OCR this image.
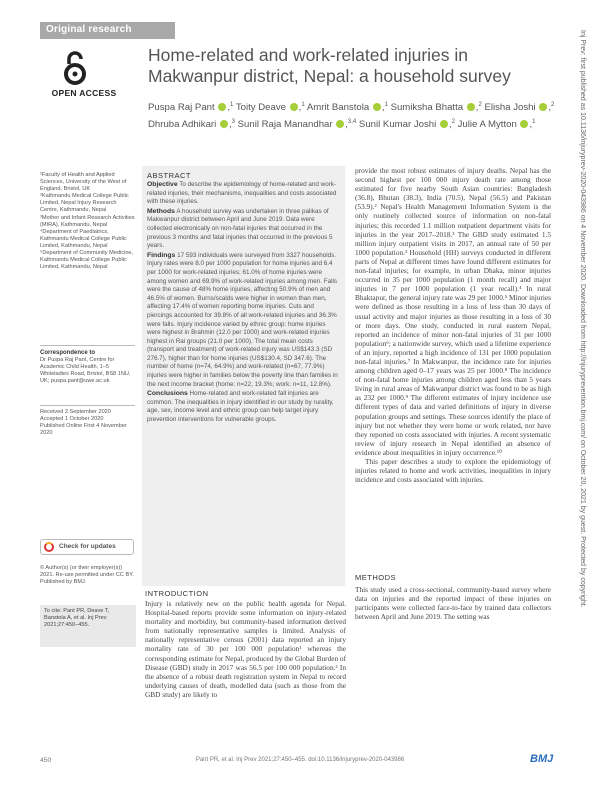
Original research
OPEN ACCESS
Home-related and work-related injuries in Makwanpur district, Nepal: a household survey
Puspa Raj Pant ,$^1$ Toity Deave ,$^1$ Amrit Banstola ,$^1$ Sumiksha Bhatta ,$^2$ Elisha Joshi ,$^2$ Dhruba Adhikari ,$^3$ Sunil Raja Manandhar ,$^{3,4}$ Sunil Kumar Joshi ,$^2$ Julie A Mytton ,$^1$

¹Faculty of Health and Applied Sciences, University of the West of England, Bristol, UK

²Kathmandu Medical College Public Limited, Nepal Injury Research Centre, Kathmandu, Nepal

³Mother and Infant Research Activities (MIRA), Kathmandu, Nepal

⁴Department of Paediatrics, Kathmandu Medical College Public Limited, Kathmandu, Nepal

⁵Department of Community Medicine, Kathmandu Medical College Public Limited, Kathmandu, Nepal

Correspondence to
Dr Puspa Raj Pant, Centre for Academic Child Health, 1–5 Whiteladies Road, Bristol, BS8 1NU, UK; puspa.pant@uwe.ac.uk
Received 2 September 2020
Accepted 1 October 2020
Published Online First 4 November 2020
Check for updates
© Author(s) (or their employer(s)) 2021. Re-use permitted under CC BY. Published by BMJ.
To cite: Pant PR, Deave T, Banstola A, et al. Inj Prev 2021;27:450–455.
ABSTRACT

Objective To describe the epidemiology of home-related and work-related injuries, their mechanisms, inequalities and costs associated with these injuries.

Methods A household survey was undertaken in three palikas of Makwanpur district between April and June 2019. Data were collected electronically on non-fatal injuries that occurred in the previous 3 months and fatal injuries that occurred in the previous 5 years.

Findings 17 593 individuals were surveyed from 3327 households. Injury rates were 8.0 per 1000 population for home injuries and 6.4 per 1000 for work-related injuries; 61.0% of home injuries were among women and 69.9% of work-related injuries among men. Falls were the cause of 48% home injuries, affecting 50.9% of men and 46.5% of women. Burns/scalds were higher in women than men, affecting 17.4% of women reporting home injuries. Cuts and piercings accounted for 39.8% of all work-related injuries and 36.3% were falls. Injury incidence varied by ethnic group: home injuries were highest in Brahmin (12.0 per 1000) and work-related injuries highest in Rai groups (21.0 per 1000). The total mean costs (transport and treatment) of work-related injury was US$143.3 (SD 276.7), higher than for home injuries (US$130.4, SD 347.6). The number of home (n=74, 64.9%) and work-related (n=67, 77.9%) injuries were higher in families below the poverty line than families in the next income bracket (home: n=22, 19.3%; work: n=11, 12.8%).

Conclusions Home-related and work-related fall injuries are common. The inequalities in injury identified in our study by rurality, age, sex, income level and ethnic group can help target injury prevention interventions for vulnerable groups.

INTRODUCTION
Injury is relatively new on the public health agenda for Nepal. Hospital-based reports provide some information on injury-related mortality and morbidity, but community-based information derived from nationally representative samples is limited. Analysis of nationally representative census (2001) data reported an injury mortality rate of 30 per 100 000 population¹ whereas the corresponding estimate for Nepal, produced by the Global Burden of Disease (GBD) study in 2017 was 56.5 per 100 000 population.² In the absence of a robust death registration system in Nepal to record underlying causes of death, modelled data (such as those from the GBD study) are likely to

provide the most robust estimates of injury deaths. Nepal has the second highest per 100 000 injury death rate among those estimated for five nearby South Asian countries: Bangladesh (36.8), Bhutan (38.3), India (70.5), Nepal (56.5) and Pakistan (53.9).² Nepal's Health Management Information System is the only routinely collected source of information on non-fatal injuries; this recorded 1.1 million outpatient department visits for injuries in the year 2017–2018.³ The GBD study estimated 1.5 million injury outpatient visits in 2017, an annual rate of 50 per 1000 population.² Household (HH) surveys conducted in different parts of Nepal at different times have found different estimates for non-fatal injuries; for example, in urban Dhaka, minor injuries occurred in 35 per 1000 population (1 month recall) and major injuries in 7 per 1000 population (1 year recall).⁴ In rural Bhaktapur, the general injury rate was 29 per 1000.⁵ Minor injuries were defined as those resulting in a loss of less than 30 days of usual activity and major injuries as those resulting in a loss of 30 or more days. One study, conducted in rural eastern Nepal, reported an incidence of minor non-fatal injuries of 31 per 1000 population⁶; a nationwide survey, which used a lifetime experience of an injury, reported a high incidence of 131 per 1000 population non-fatal injuries.⁷ In Makwanpur, the incidence rate for injuries among children aged 0–17 years was 25 per 1000.⁸ The incidence of non-fatal home injuries among children aged less than 5 years living in rural areas of Makwanpur district was found to be as high as 232 per 1000.⁹ The different estimates of injury incidence use different types of data and varied definitions of injury in diverse population groups and settings. These sources identify the place of injury but not whether they were home or work related, nor have they reported on costs associated with injuries. A recent systematic review of injury research in Nepal identified an absence of evidence about inequalities in injury occurrence.¹⁰

This paper describes a study to explore the epidemiology of injuries related to home and work activities, inequalities in injury incidence and costs associated with injuries.

METHODS
This study used a cross-sectional, community-based survey where data on injuries and the reported impact of these injuries on participants were collected face-to-face by trained data collectors between April and June 2019. The setting was
Inj Prev: first published as 10.1136/injuryprev-2020-043986 on 4 November 2020. Downloaded from http://injuryprevention.bmj.com/ on October 20, 2021 by guest. Protected by copyright.
450	Pant PR, et al. Inj Prev 2021;27:450–455. doi:10.1136/injuryprev-2020-043986	BMJ
